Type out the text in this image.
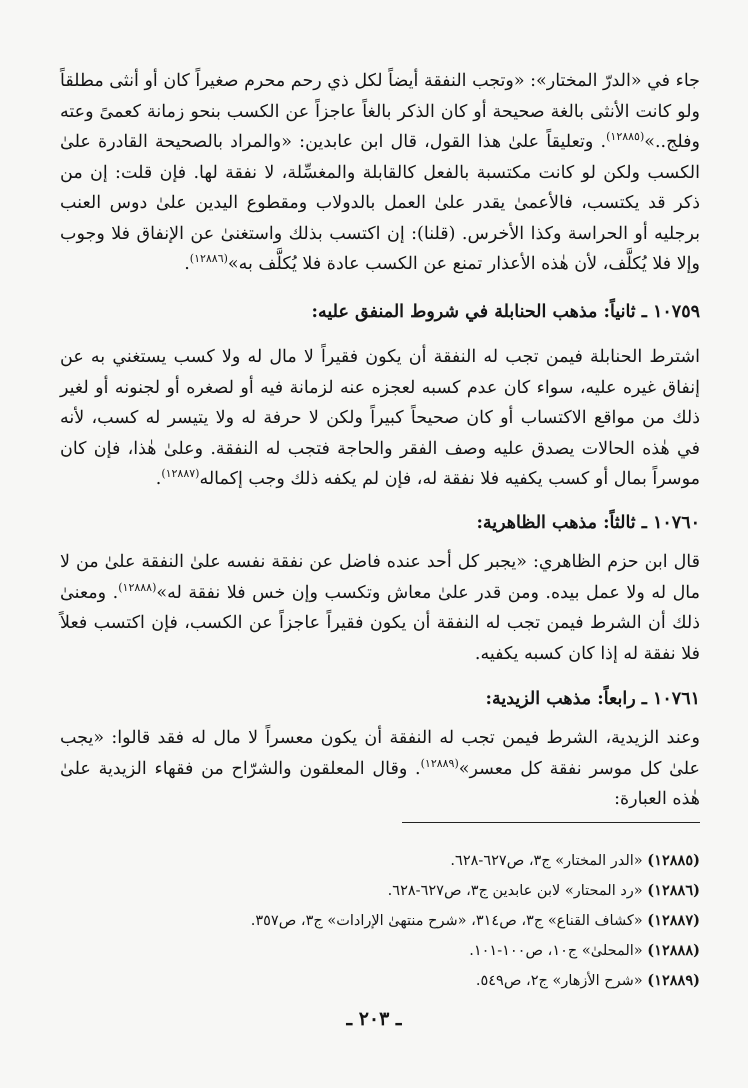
جاء في «الدرّ المختار»: «وتجب النفقة أيضاً لكل ذي رحم محرم صغيراً كان أو أنثى مطلقاً ولو كانت الأنثى بالغة صحيحة أو كان الذكر بالغاً عاجزاً عن الكسب بنحو زمانة كعمىً وعته وفلج..»$^{(١٢٨٨٥)}$. وتعليقاً علىٰ هذا القول، قال ابن عابدين: «والمراد بالصحيحة القادرة علىٰ الكسب ولكن لو كانت مكتسبة بالفعل كالقابلة والمغسِّلة، لا نفقة لها. فإن قلت: إن من ذكر قد يكتسب، فالأعمىٰ يقدر علىٰ العمل بالدولاب ومقطوع اليدين علىٰ دوس العنب برجليه أو الحراسة وكذا الأخرس. (قلنا): إن اكتسب بذلك واستغنىٰ عن الإنفاق فلا وجوب وإلا فلا يُكلَّف، لأن هٰذه الأعذار تمنع عن الكسب عادة فلا يُكلَّف به»$^{(١٢٨٨٦)}$.
١٠٧٥٩ ـ ثانياً: مذهب الحنابلة في شروط المنفق عليه:
اشترط الحنابلة فيمن تجب له النفقة أن يكون فقيراً لا مال له ولا كسب يستغني به عن إنفاق غيره عليه، سواء كان عدم كسبه لعجزه عنه لزمانة فيه أو لصغره أو لجنونه أو لغير ذلك من مواقع الاكتساب أو كان صحيحاً كبيراً ولكن لا حرفة له ولا يتيسر له كسب، لأنه في هٰذه الحالات يصدق عليه وصف الفقر والحاجة فتجب له النفقة. وعلىٰ هٰذا، فإن كان موسراً بمال أو كسب يكفيه فلا نفقة له، فإن لم يكفه ذلك وجب إكماله$^{(١٢٨٨٧)}$.
١٠٧٦٠ ـ ثالثاً: مذهب الظاهرية:
قال ابن حزم الظاهري: «يجبر كل أحد عنده فاضل عن نفقة نفسه علىٰ النفقة علىٰ من لا مال له ولا عمل بيده. ومن قدر علىٰ معاش وتكسب وإن خس فلا نفقة له»$^{(١٢٨٨٨)}$. ومعنىٰ ذلك أن الشرط فيمن تجب له النفقة أن يكون فقيراً عاجزاً عن الكسب، فإن اكتسب فعلاً فلا نفقة له إذا كان كسبه يكفيه.
١٠٧٦١ ـ رابعاً: مذهب الزيدية:
وعند الزيدية، الشرط فيمن تجب له النفقة أن يكون معسراً لا مال له فقد قالوا: «يجب علىٰ كل موسر نفقة كل معسر»$^{(١٢٨٨٩)}$. وقال المعلقون والشرّاح من فقهاء الزيدية علىٰ هٰذه العبارة:
(١٢٨٨٥) «الدر المختار» ج٣، ص٦٢٧-٦٢٨.
(١٢٨٨٦) «رد المحتار» لابن عابدين ج٣، ص٦٢٧-٦٢٨.
(١٢٨٨٧) «كشاف القناع» ج٣، ص٣١٤، «شرح منتهىٰ الإرادات» ج٣، ص٣٥٧.
(١٢٨٨٨) «المحلىٰ» ج١٠، ص١٠٠-١٠١.
(١٢٨٨٩) «شرح الأزهار» ج٢، ص٥٤٩.
ـ ٢٠٣ ـ
